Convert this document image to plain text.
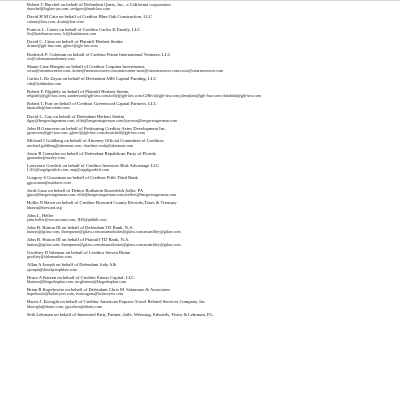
Robert C Burchel on behalf of Defendant Qnets, Inc., a California corporation
rburchel@lsglaw-ps.com, sredgers@mnk-law.com
David H M Cain on behalf of Creditor Blue Oak Construction, LLC
cainas@fasr.com, dcain@fasr.com
Francis L. Carter on behalf of Creditor Carlos K Family, LLC
flc@katzbarron.com, lcf@katzbarron.com
David C. Cimo on behalf of Plaintiff Herbert Stettin
dcimo@gjb-law.com, gjbecf@gjb-law.com
Roderick F. Coleman on behalf of Creditor Prime International Ventures, LLC
rfc@colemansmahomey.com
Shaun Cruz-Bengini on behalf of Creditor Coquina Investments
scruz@stearnsweaver.com, kotter@stearnsweaver.com;mmesones-mori@stearnsweaver.com;rross@stearnsweaver.com
Carlos L De Zayas on behalf of Defendant ABS Capital Funding, LLC
cdz@lyddanlaw.com
Robert F. Elgidely on behalf of Plaintiff Herbert Stettin
relgidely@gjb-law.com, sanderson@gjb-law.com;kolly@gjb-law.com;GJBecf@gjb-law.com;jdeopkins@gjb-law.com;vlambdin@gjb-law.com
Robert C Furr on behalf of Creditor Greenwood Capital Partners, LLC
bnasralla@furrcohen.com
David L. Gay on behalf of Defendant Herbert Stettin
dgay@bergersingerman.com, efile@bergersingerman.com;lyaversa@bergersingerman.com
John H Genovese on behalf of Petitioning Creditor Aztec Development Inc.
jgenovese@gjb-law.com, gjbecf@gjb-law.com;dwatchell@gjb-law.com
Michael I Goldberg on behalf of Attorney Official Committee of Creditors
michael.goldberg@akerman.com, charlene.cerda@akerman.com
Jason B Gonzalez on behalf of Defendant Republican Party of Florida
jgonzalez@ausley.com
Lawrence Gordich on behalf of Creditor Investors Risk Advantage LLC
LAG@segalgordich.com, emj@segalgordich.com
Gregory S Grossman on behalf of Creditor Fifth Third Bank
ggrossman@astidavis.com
Jordi Guso on behalf of Debtor Rothstein Rosenfeldt Adler, PA
jguso@bergersingerman.com, efile@bergersingerman.com;fsellers@bergersingerman.com
Hollie N Hawn on behalf of Creditor Broward County Records,Taxes & Treasury
hhawn@broward.org
John L. Heller
john.heller@wecarcount.com, JH3@jnhlhlt.com
John B. Hutton III on behalf of Defendant TD Bank, N.A.
huttonj@gtlaw.com, thompsone@gtlaw.com;miamidocket@gtlaw.com;mianfiley@gtlaw.com
John B. Hutton III on behalf of Plaintiff TD Bank, N.A.
huttonj@gtlaw.com, thompsone@gtlaw.com;miamidocket@gtlaw.com;mianfiley@gtlaw.com
Geoffrey D Ittleman on behalf of Creditor Steven Bittan
geoffrey@ittlemanlaw.com
Allan A Joseph on behalf of Defendant Jody Alb
ajoseph@davidjosephlaw.com
Bruce A Katzen on behalf of Creditor Emess Capital, LLC
bkatzen@klugerkaplan.com, mcglennen@klugerkaplan.com
Brian R Kopelowitz on behalf of Defendant Chris M. Salamone & Associates
kopelowitz@kolawyers.com, leaircagons@kolawyers.com
Harris J. Koroglu on behalf of Creditor American Express Travel Related Services Company, Inc.
hkoroglu@shutts.com, jgoodwin@shutts.com
Seth Lehrman on behalf of Interested Party Farmer, Jaffe, Weissing, Edwards, Fistos & Lehrman, P.L.
